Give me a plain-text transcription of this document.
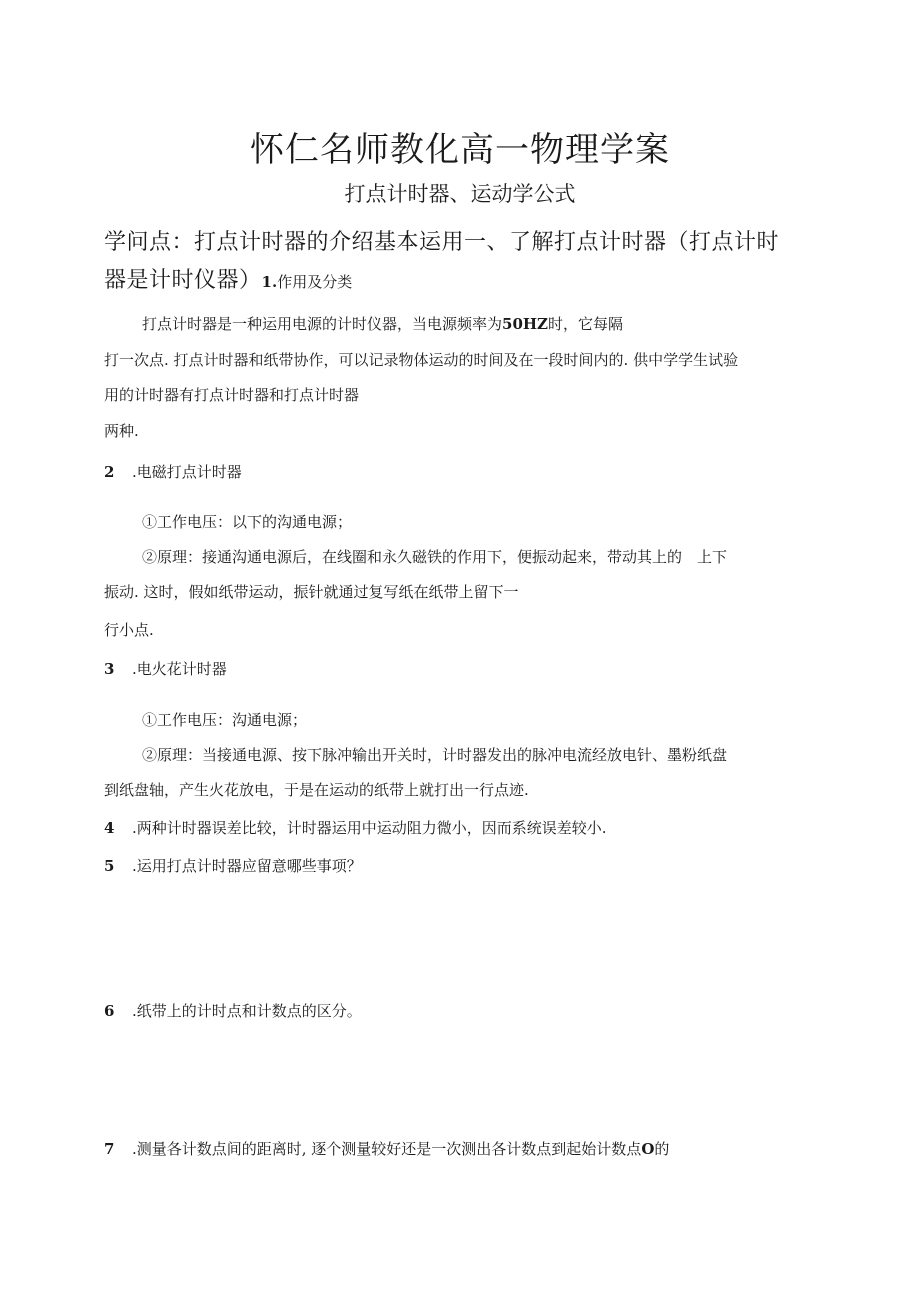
怀仁名师教化高一物理学案
打点计时器、运动学公式
学问点：打点计时器的介绍基本运用一、了解打点计时器（打点计时
器是计时仪器）1.作用及分类
打点计时器是一种运用电源的计时仪器，当电源频率为50HZ时，它每隔
打一次点. 打点计时器和纸带协作，可以记录物体运动的时间及在一段时间内的. 供中学学生试验
用的计时器有打点计时器和打点计时器
两种.
2 .电磁打点计时器
①工作电压：以下的沟通电源；
②原理：接通沟通电源后，在线圈和永久磁铁的作用下，便振动起来，带动其上的　上下
振动. 这时，假如纸带运动，振针就通过复写纸在纸带上留下一
行小点.
3 .电火花计时器
①工作电压：沟通电源；
②原理：当接通电源、按下脉冲输出开关时，计时器发出的脉冲电流经放电针、墨粉纸盘
到纸盘轴，产生火花放电，于是在运动的纸带上就打出一行点迹.
4 .两种计时器误差比较，计时器运用中运动阻力微小，因而系统误差较小.
5 .运用打点计时器应留意哪些事项？
6 .纸带上的计时点和计数点的区分。
7 .测量各计数点间的距离时, 逐个测量较好还是一次测出各计数点到起始计数点O的
